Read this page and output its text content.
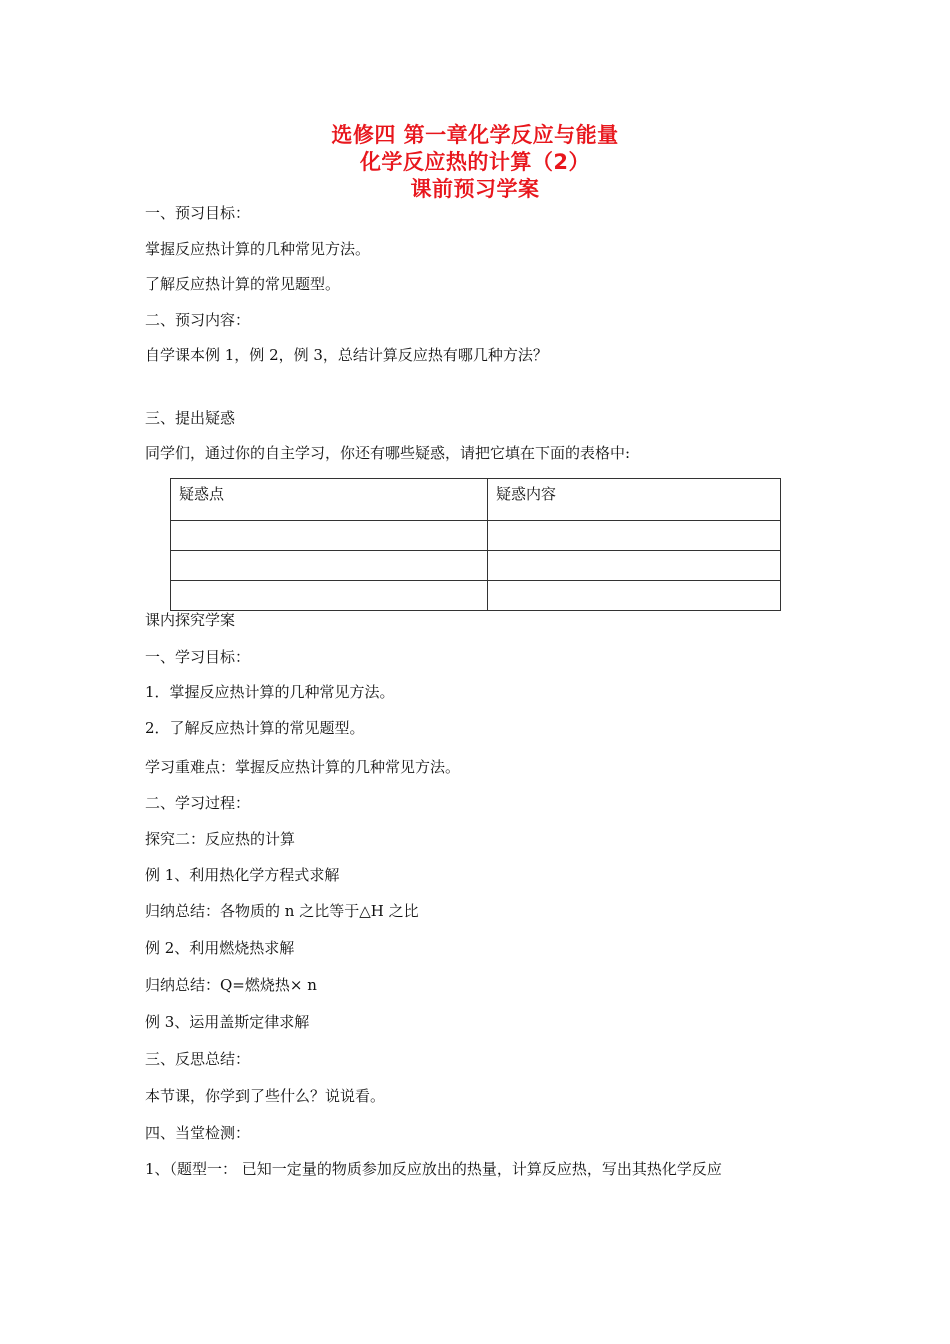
选修四 第一章化学反应与能量
化学反应热的计算（2）
课前预习学案
一、预习目标：
掌握反应热计算的几种常见方法。
了解反应热计算的常见题型。
二、预习内容：
自学课本例 1，例 2，例 3，总结计算反应热有哪几种方法？
三、提出疑惑
同学们，通过你的自主学习，你还有哪些疑惑，请把它填在下面的表格中:
疑惑点	疑惑内容

课内探究学案
一、学习目标：
1．掌握反应热计算的几种常见方法。
2．了解反应热计算的常见题型。
学习重难点：掌握反应热计算的几种常见方法。
二、学习过程：
探究二：反应热的计算
例 1、利用热化学方程式求解
归纳总结：各物质的 n 之比等于△H 之比
例 2、利用燃烧热求解
归纳总结：Q=燃烧热× n
例 3、运用盖斯定律求解
三、反思总结：
本节课，你学到了些什么？说说看。
四、当堂检测：
1、（题型一： 已知一定量的物质参加反应放出的热量，计算反应热，写出其热化学反应
